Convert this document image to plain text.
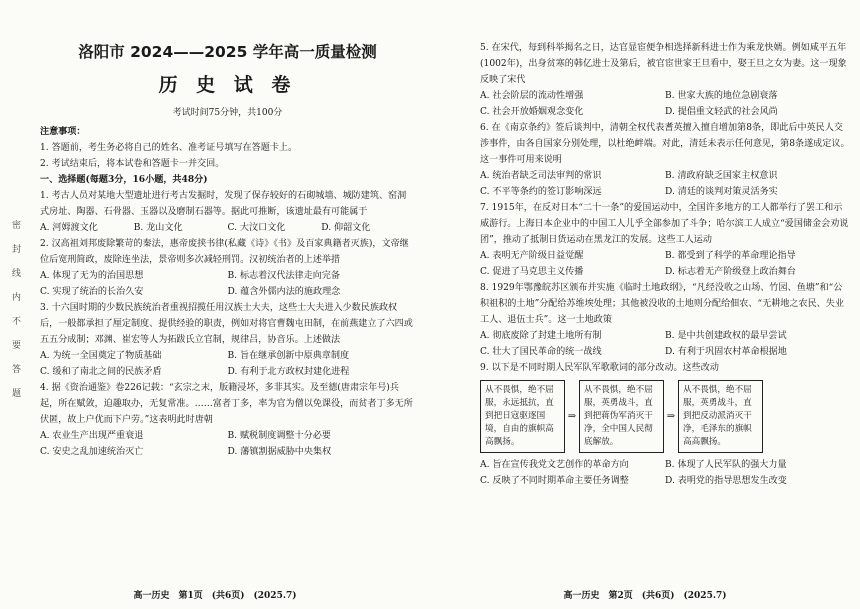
密
封
线
内
不
要
答
题
洛阳市 2024——2025 学年高一质量检测
历 史 试 卷
考试时间75分钟，共100分
注意事项：
1. 答题前，考生务必将自己的姓名、准考证号填写在答题卡上。
2. 考试结束后，将本试卷和答题卡一并交回。
一、选择题(每题3分，16小题，共48分)
1. 考古人员对某地大型遗址进行考古发掘时，发现了保存较好的石砌城墙、城防建筑、窑洞式房址、陶器、石骨器、玉器以及磨制石器等。据此可推断，该遗址最有可能属于
A. 河姆渡文化	B. 龙山文化	C. 大汶口文化	D. 仰韶文化
2. 汉高祖刘邦废除繁苛的秦法，惠帝废挟书律(私藏《诗》《书》及百家典籍者灭族)，文帝继位后宽刑简政，废除连坐法，景帝则多次减轻刑罚。汉初统治者的上述举措
A. 体现了无为的治国思想	B. 标志着汉代法律走向完备
C. 实现了统治的长治久安	D. 蕴含外儒内法的施政理念
3. 十六国时期的少数民族统治者重视招揽任用汉族士大夫，这些士大夫进入少数民族政权后，一般都承担了厘定制度、提供经验的职责，例如对将官曹魏屯田制，在前燕建立了六四或五五分成制；邓渊、崔宏等人为拓跋氏立官制，规律吕，协音乐。上述做法
A. 为统一全国奠定了物质基础	B. 旨在继承创新中原典章制度
C. 缓和了南北之间的民族矛盾	D. 有利于北方政权封建化进程
4. 据《资治通鉴》卷226记载：“玄宗之末，版籍浸坏，多非其实。及至德(唐肃宗年号)兵起，所在赋敛，迫趣取办，无复常准。……富者丁多，率为官为僧以免课役，而贫者丁多无所伏匿，故上户优而下户劳。”这表明此时唐朝
A. 农业生产出现严重衰退	B. 赋税制度调整十分必要
C. 安史之乱加速统治灭亡	D. 藩镇割据威胁中央集权
高一历史　第1页　(共6页)　(2025.7)
5. 在宋代，每到科举揭名之日，达官显宦便争相选择新科进士作为乘龙快婿。例如咸平五年(1002年)，出身贫寒的韩亿进士及第后，被官宦世家王旦看中，娶王旦之女为妻。这一现象反映了宋代
A. 社会阶层的流动性增强	B. 世家大族的地位急剧衰落
C. 社会开放婚姻观念变化	D. 提倡重文轻武的社会风尚
6. 在《南京条约》签后谈判中，清朝全权代表耆英擅入擅自增加第8条，即此后中英民人交涉事件，由各自国家分别处理，以杜绝衅端。对此，清廷未表示任何意见，第8条遂成定议。这一事件可用来说明
A. 统治者缺乏司法审判的常识	B. 清政府缺乏国家主权意识
C. 不平等条约的签订影响深远	D. 清廷的谈判对策灵活务实
7. 1915年，在反对日本“二十一条”的爱国运动中，全国许多地方的工人都举行了罢工和示威游行。上海日本企业中的中国工人儿乎全部参加了斗争；哈尔滨工人成立“爱国储金会劝说团”，推动了抵制日货运动在黑龙江的发展。这些工人运动
A. 表明无产阶级日益觉醒	B. 都受到了科学的革命理论指导
C. 促进了马克思主义传播	D. 标志着无产阶级登上政治舞台
8. 1929年鄂豫皖苏区颁布并实施《临时土地政纲》，“凡经没收之山场、竹园、鱼塘”和“公积祖积的土地”分配给苏维埃处理；其他被没收的土地则分配给佃农、“无耕地之农民、失业工人、退伍士兵”。这一土地政策
A. 彻底废除了封建土地所有制	B. 是中共创建政权的最早尝试
C. 壮大了国民革命的统一战线	D. 有利于巩固农村革命根据地
9. 以下是不同时期人民军队军歌歌词的部分改动。这些改动
从不畏惧，绝不屈服，永远抵抗，直到把日寇驱逐国境，自由的旗帜高高飘扬。
⇒
从不畏惧，绝不屈服，英勇战斗，直到把蒋伪军消灭干净，全中国人民彻底解放。
⇒
从不畏惧，绝不屈服，英勇战斗，直到把反动派消灭干净，毛泽东的旗帜高高飘扬。
A. 旨在宣传我党文艺创作的革命方向	B. 体现了人民军队的强大力量
C. 反映了不同时期革命主要任务调整	D. 表明党的指导思想发生改变
高一历史　第2页　(共6页)　(2025.7)
